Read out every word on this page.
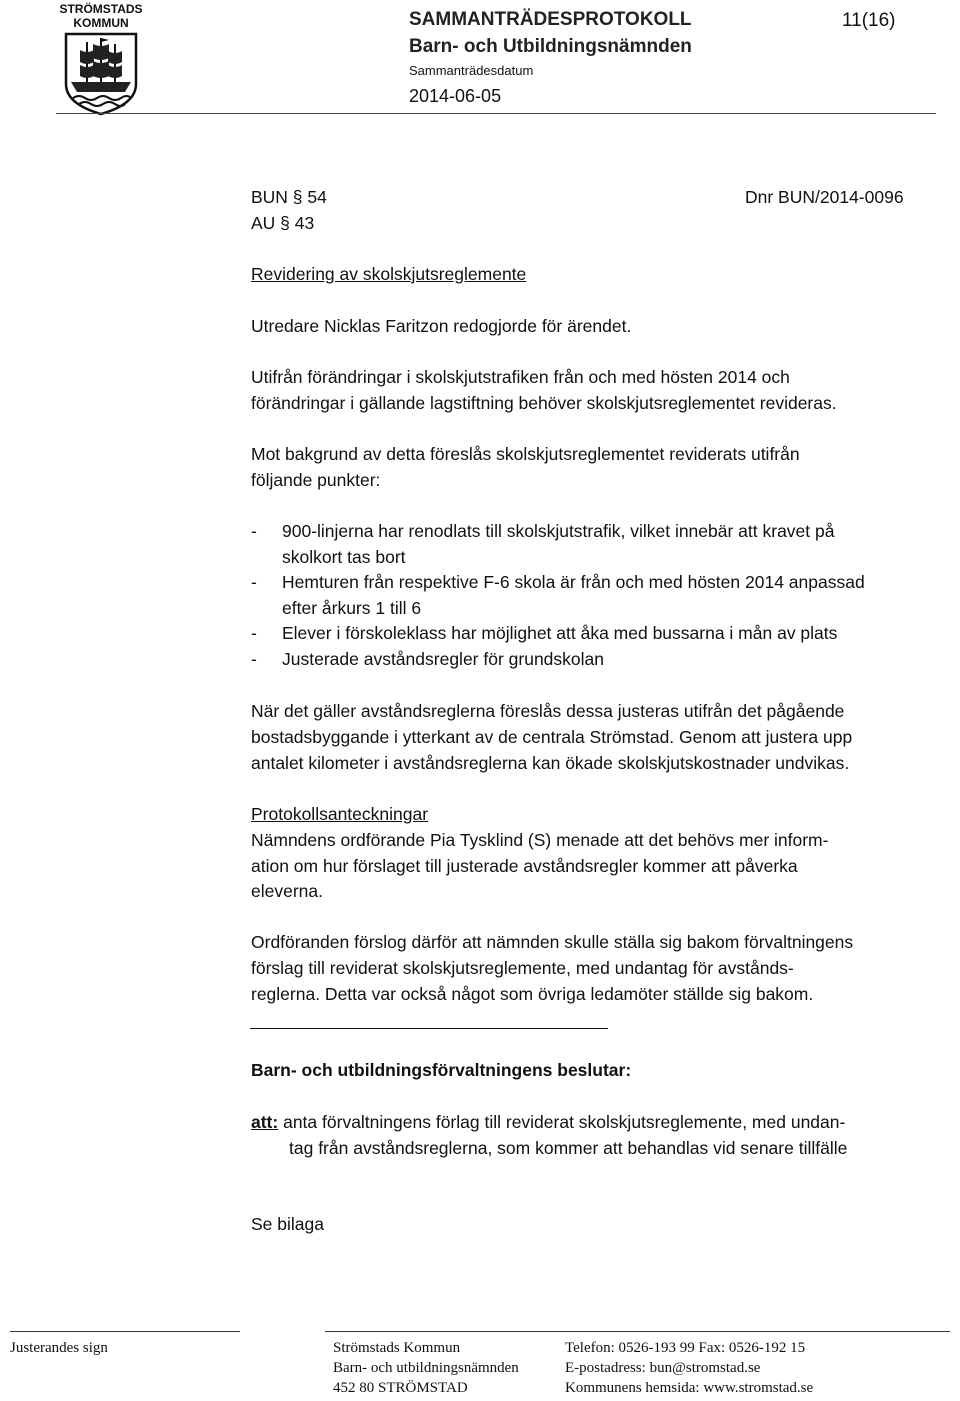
STRÖMSTADS
KOMMUN	SAMMANTRÄDESPROTOKOLL	11(16)
Barn- och Utbildningsnämnden
Sammanträdesdatum
2014-06-05
BUN § 54
AU § 43
Dnr BUN/2014-0096
Revidering av skolskjutsreglemente
Utredare Nicklas Faritzon redogjorde för ärendet.
Utifrån förändringar i skolskjutstrafiken från och med hösten 2014 och
förändringar i gällande lagstiftning behöver skolskjutsreglementet revideras.
Mot bakgrund av detta föreslås skolskjutsreglementet reviderats utifrån
följande punkter:
- 900-linjerna har renodlats till skolskjutstrafik, vilket innebär att kravet på
skolkort tas bort
- Hemturen från respektive F-6 skola är från och med hösten 2014 anpassad
efter årkurs 1 till 6
- Elever i förskoleklass har möjlighet att åka med bussarna i mån av plats
- Justerade avståndsregler för grundskolan
När det gäller avståndsreglerna föreslås dessa justeras utifrån det pågående
bostadsbyggande i ytterkant av de centrala Strömstad. Genom att justera upp
antalet kilometer i avståndsreglerna kan ökade skolskjutskostnader undvikas.
Protokollsanteckningar
Nämndens ordförande Pia Tysklind (S) menade att det behövs mer inform-
ation om hur förslaget till justerade avståndsregler kommer att påverka
eleverna.
Ordföranden förslog därför att nämnden skulle ställa sig bakom förvaltningens
förslag till reviderat skolskjutsreglemente, med undantag för avstånds-
reglerna. Detta var också något som övriga ledamöter ställde sig bakom.
Barn- och utbildningsförvaltningens beslutar:
att: anta förvaltningens förlag till reviderat skolskjutsreglemente, med undan-
tag från avståndsreglerna, som kommer att behandlas vid senare tillfälle
Se bilaga
Justerandes sign	Strömstads Kommun
Barn- och utbildningsnämnden
452 80 STRÖMSTAD
Telefon: 0526-193 99 Fax: 0526-192 15
E-postadress: bun@stromstad.se
Kommunens hemsida: www.stromstad.se
